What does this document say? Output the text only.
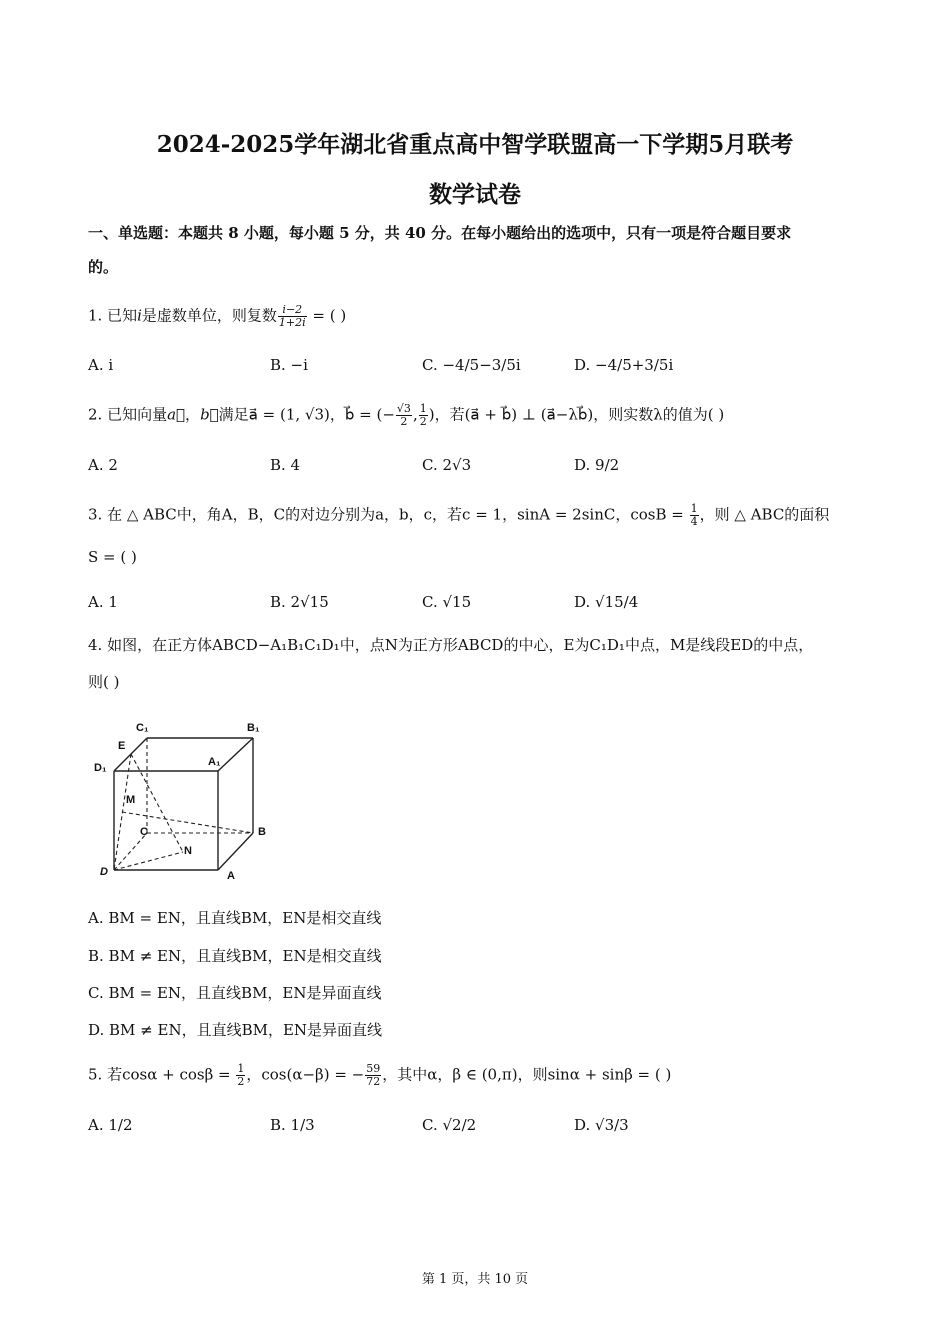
2024-2025学年湖北省重点高中智学联盟高一下学期5月联考
数学试卷
一、单选题：本题共 8 小题，每小题 5 分，共 40 分。在每小题给出的选项中，只有一项是符合题目要求
的。
1. 已知i是虚数单位，则复数 $\frac{i-2}{1+2i}$ = ( )
A. i	B. −i	C. −4/5−3/5i	D. −4/5+3/5i
2. 已知向量a⃗，b⃗满足a⃗ = (1, √3)，b⃗ = (− $\frac{√3}{2}$ , $\frac{1}{2}$ )，若(a⃗ + b⃗) ⊥ (a⃗−λb⃗)，则实数λ的值为( )
A. 2	B. 4	C. 2√3	D. 9/2
3. 在 △ ABC中，角A，B，C的对边分别为a，b，c，若c = 1，sinA = 2sinC，$\cos B = \frac{1}{4}$ ，则 △ ABC的面积
S = ( )
A. 1	B. 2√15	C. √15	D. √15/4
4. 如图，在正方体ABCD−A₁B₁C₁D₁中，点N为正方形ABCD的中心，E为C₁D₁中点，M是线段ED的中点，
则( )
C₁	B₁
E
D₁	A₁
M
C	B
N
D	A
A. BM = EN，且直线BM，EN是相交直线
B. BM ≠ EN，且直线BM，EN是相交直线
C. BM = EN，且直线BM，EN是异面直线
D. BM ≠ EN，且直线BM，EN是异面直线
5. 若$\cos\alpha + \cos\beta = \frac{1}{2}$ ，cos(α−β) = − $\frac{59}{72}$ ，其中α，β ∈ (0,π)，则sinα + sinβ = ( )
A. 1/2	B. 1/3	C. √2/2	D. √3/3
第 1 页，共 10 页
